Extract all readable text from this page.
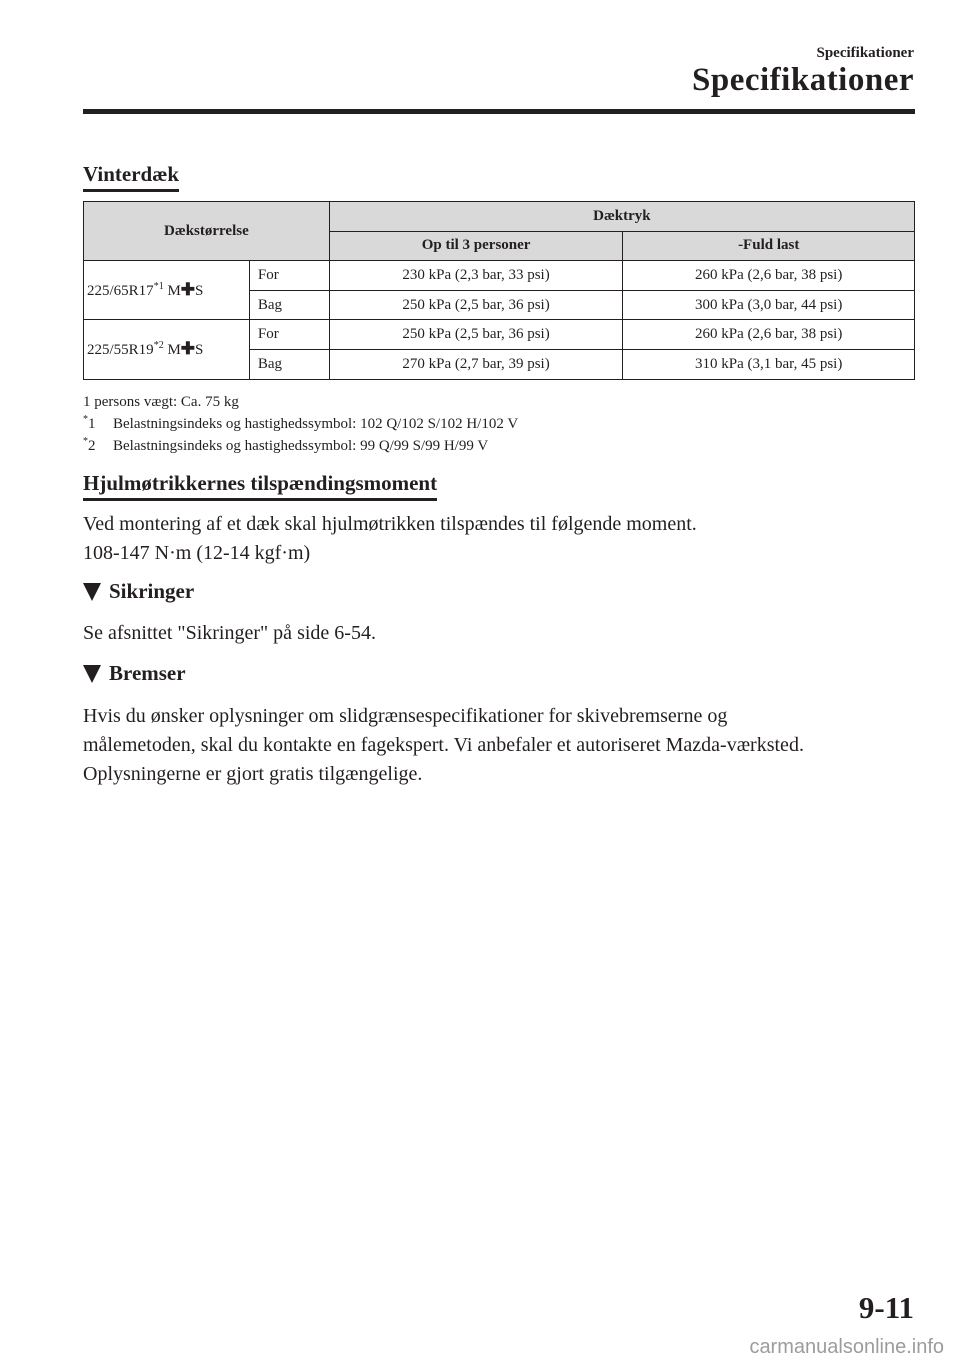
Specifikationer
Specifikationer
Vinterdæk
Dækstørrelse		Dæktryk	
		Op til 3 personer	-Fuld last
225/65R17$^{*1}$ M✚S	For	230 kPa (2,3 bar, 33 psi)	260 kPa (2,6 bar, 38 psi)
	Bag	250 kPa (2,5 bar, 36 psi)	300 kPa (3,0 bar, 44 psi)
225/55R19$^{*2}$ M✚S	For	250 kPa (2,5 bar, 36 psi)	260 kPa (2,6 bar, 38 psi)
	Bag	270 kPa (2,7 bar, 39 psi)	310 kPa (3,1 bar, 45 psi)
1 persons vægt: Ca. 75 kg
*1 Belastningsindeks og hastighedssymbol: 102 Q/102 S/102 H/102 V
*2 Belastningsindeks og hastighedssymbol: 99 Q/99 S/99 H/99 V
Hjulmøtrikkernes tilspændingsmoment
Ved montering af et dæk skal hjulmøtrikken tilspændes til følgende moment.
108-147 N·m (12-14 kgf·m)
Sikringer
Se afsnittet "Sikringer" på side 6-54.
Bremser
Hvis du ønsker oplysninger om slidgrænsespecifikationer for skivebremserne og
målemetoden, skal du kontakte en fagekspert. Vi anbefaler et autoriseret Mazda-værksted.
Oplysningerne er gjort gratis tilgængelige.
9-11
carmanualsonline.info
